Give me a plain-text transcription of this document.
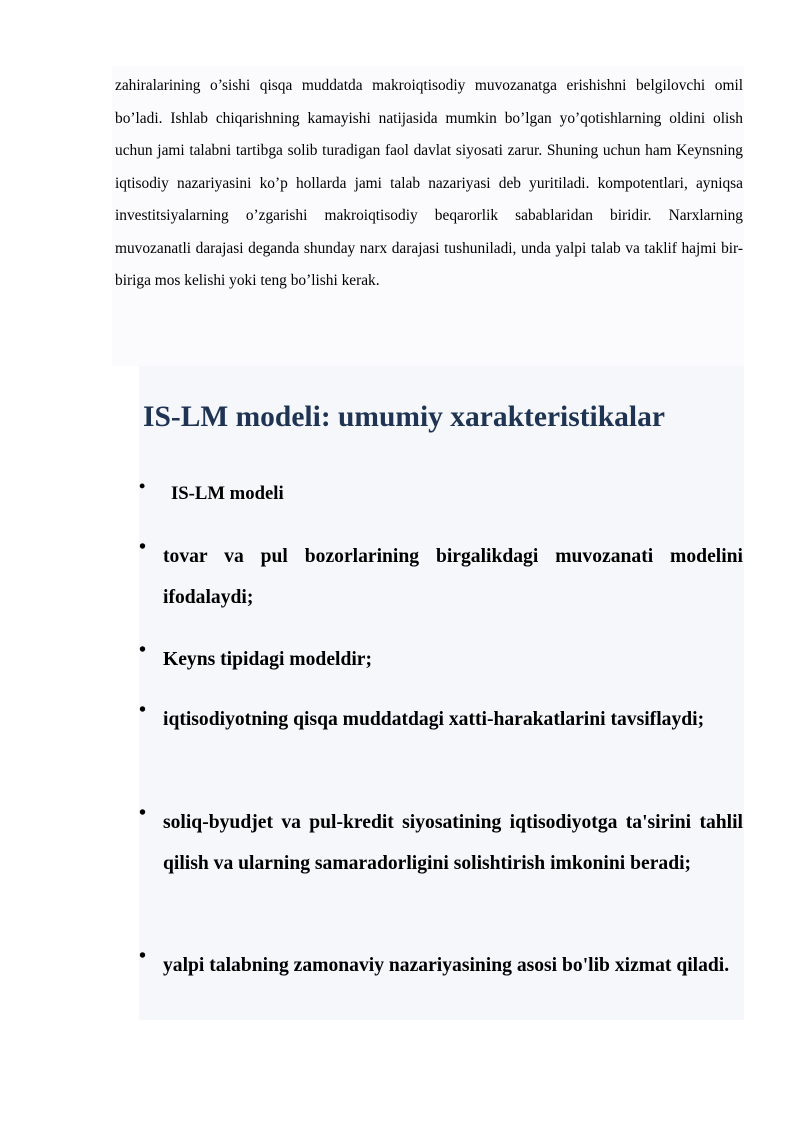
zahiralarining o’sishi qisqa muddatda makroiqtisodiy muvozanatga erishishni belgilovchi omil bo’ladi. Ishlab chiqarishning kamayishi natijasida mumkin bo’lgan yo’qotishlarning oldini olish uchun jami talabni tartibga solib turadigan faol davlat siyosati zarur. Shuning uchun ham Keynsning iqtisodiy nazariyasini ko’p hollarda jami talab nazariyasi deb yuritiladi. kompotentlari, ayniqsa investitsiyalarning o’zgarishi makroiqtisodiy beqarorlik sabablaridan biridir. Narxlarning muvozanatli darajasi deganda shunday narx darajasi tushuniladi, unda yalpi talab va taklif hajmi bir-biriga mos kelishi yoki teng bo’lishi kerak.

IS-LM modeli: umumiy xarakteristikalar
• IS-LM modeli
• tovar va pul bozorlarining birgalikdagi muvozanati modelini ifodalaydi;
• Keyns tipidagi modeldir;
• iqtisodiyotning qisqa muddatdagi xatti-harakatlarini tavsiflaydi;
• soliq-byudjet va pul-kredit siyosatining iqtisodiyotga ta'sirini tahlil qilish va ularning samaradorligini solishtirish imkonini beradi;
• yalpi talabning zamonaviy nazariyasining asosi bo'lib xizmat qiladi.
